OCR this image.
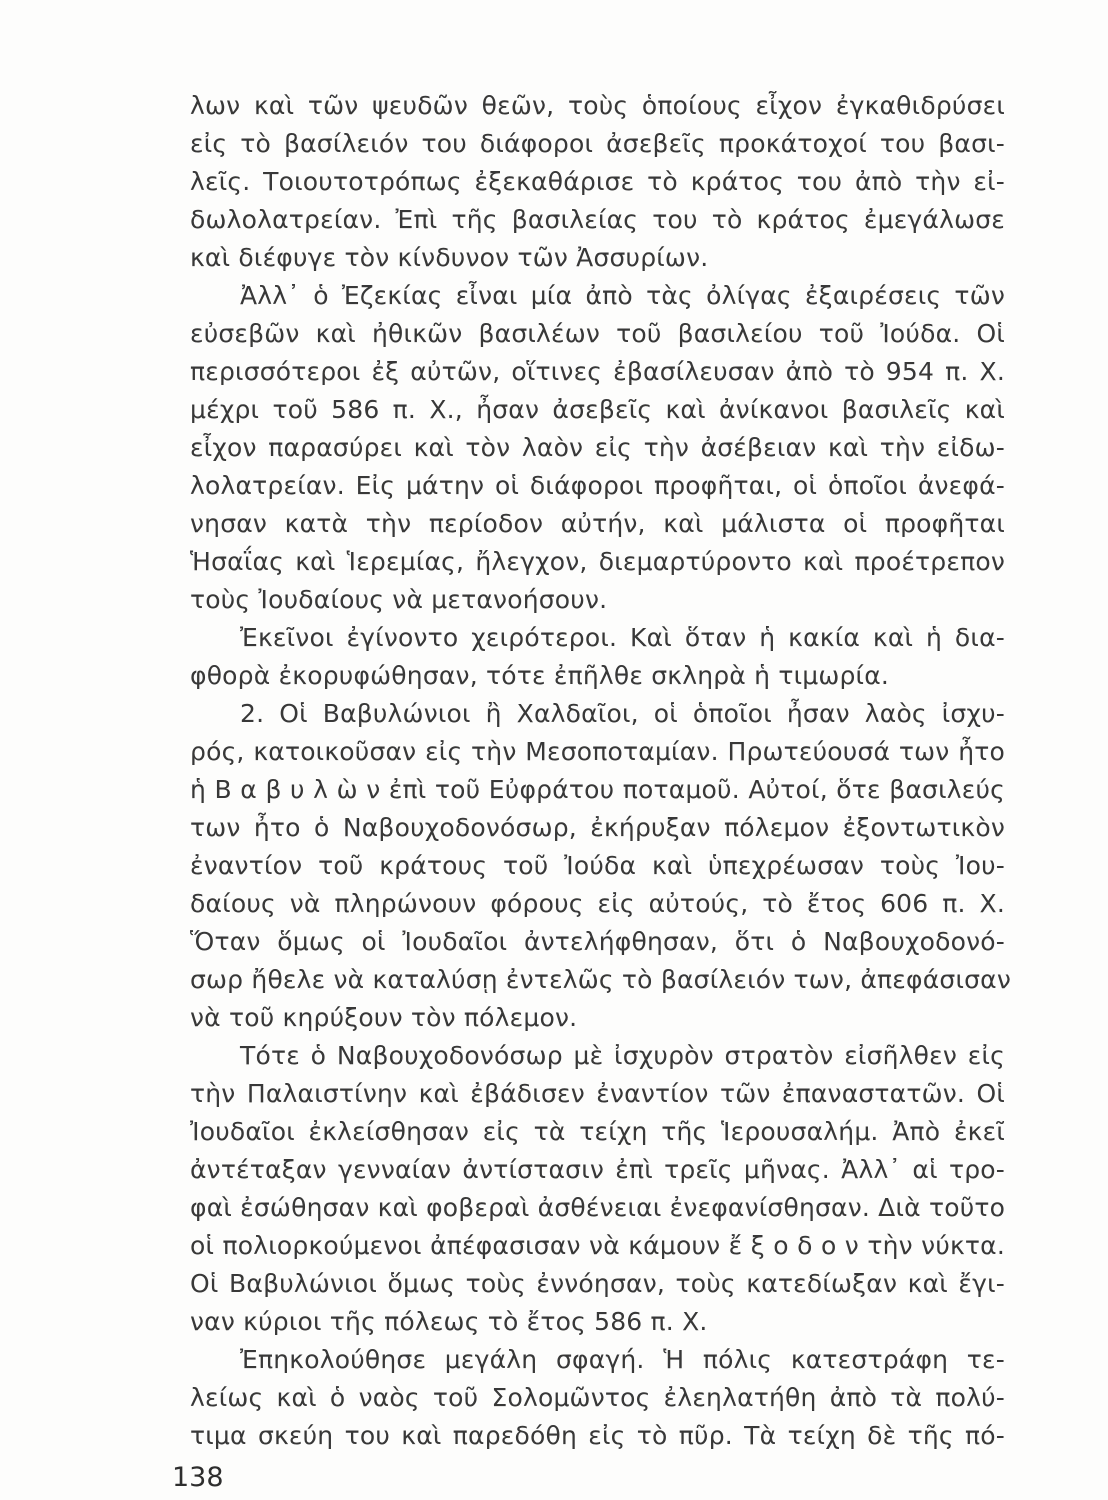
λων καὶ τῶν ψευδῶν θεῶν, τοὺς ὁποίους εἶχον ἐγκαθιδρύσει
εἰς τὸ βασίλειόν του διάφοροι ἀσεβεῖς προκάτοχοί του βασι-
λεῖς. Τοιουτοτρόπως ἐξεκαθάρισε τὸ κράτος του ἀπὸ τὴν εἰ-
δωλολατρείαν. Ἐπὶ τῆς βασιλείας του τὸ κράτος ἐμεγάλωσε
καὶ διέφυγε τὸν κίνδυνον τῶν Ἀσσυρίων.
Ἀλλ᾽ ὁ Ἐζεκίας εἶναι μία ἀπὸ τὰς ὀλίγας ἐξαιρέσεις τῶν
εὐσεβῶν καὶ ἠθικῶν βασιλέων τοῦ βασιλείου τοῦ Ἰούδα. Οἱ
περισσότεροι ἐξ αὐτῶν, οἵτινες ἐβασίλευσαν ἀπὸ τὸ 954 π. Χ.
μέχρι τοῦ 586 π. Χ., ἦσαν ἀσεβεῖς καὶ ἀνίκανοι βασιλεῖς καὶ
εἶχον παρασύρει καὶ τὸν λαὸν εἰς τὴν ἀσέβειαν καὶ τὴν εἰδω-
λολατρείαν. Εἰς μάτην οἱ διάφοροι προφῆται, οἱ ὁποῖοι ἀνεφά-
νησαν κατὰ τὴν περίοδον αὐτήν, καὶ μάλιστα οἱ προφῆται
Ἡσαΐας καὶ Ἱερεμίας, ἤλεγχον, διεμαρτύροντο καὶ προέτρεπον
τοὺς Ἰουδαίους νὰ μετανοήσουν.
Ἐκεῖνοι ἐγίνοντο χειρότεροι. Καὶ ὅταν ἡ κακία καὶ ἡ δια-
φθορὰ ἐκορυφώθησαν, τότε ἐπῆλθε σκληρὰ ἡ τιμωρία.
2. Οἱ Βαβυλώνιοι ἢ Χαλδαῖοι, οἱ ὁποῖοι ἦσαν λαὸς ἰσχυ-
ρός, κατοικοῦσαν εἰς τὴν Μεσοποταμίαν. Πρωτεύουσά των ἦτο
ἡ Β α β υ λ ὼ ν ἐπὶ τοῦ Εὐφράτου ποταμοῦ. Αὐτοί, ὅτε βασιλεύς
των ἦτο ὁ Ναβουχοδονόσωρ, ἐκήρυξαν πόλεμον ἐξοντωτικὸν
ἐναντίον τοῦ κράτους τοῦ Ἰούδα καὶ ὑπεχρέωσαν τοὺς Ἰου-
δαίους νὰ πληρώνουν φόρους εἰς αὐτούς, τὸ ἔτος 606 π. Χ.
Ὅταν ὅμως οἱ Ἰουδαῖοι ἀντελήφθησαν, ὅτι ὁ Ναβουχοδονό-
σωρ ἤθελε νὰ καταλύσῃ ἐντελῶς τὸ βασίλειόν των, ἀπεφάσισαν
νὰ τοῦ κηρύξουν τὸν πόλεμον.
Τότε ὁ Ναβουχοδονόσωρ μὲ ἰσχυρὸν στρατὸν εἰσῆλθεν εἰς
τὴν Παλαιστίνην καὶ ἐβάδισεν ἐναντίον τῶν ἐπαναστατῶν. Οἱ
Ἰουδαῖοι ἐκλείσθησαν εἰς τὰ τείχη τῆς Ἱερουσαλήμ. Ἀπὸ ἐκεῖ
ἀντέταξαν γενναίαν ἀντίστασιν ἐπὶ τρεῖς μῆνας. Ἀλλ᾽ αἱ τρο-
φαὶ ἐσώθησαν καὶ φοβεραὶ ἀσθένειαι ἐνεφανίσθησαν. Διὰ τοῦτο
οἱ πολιορκούμενοι ἀπέφασισαν νὰ κάμουν ἔ ξ ο δ ο ν τὴν νύκτα.
Οἱ Βαβυλώνιοι ὅμως τοὺς ἐννόησαν, τοὺς κατεδίωξαν καὶ ἔγι-
ναν κύριοι τῆς πόλεως τὸ ἔτος 586 π. Χ.
Ἐπηκολούθησε μεγάλη σφαγή. Ἡ πόλις κατεστράφη τε-
λείως καὶ ὁ ναὸς τοῦ Σολομῶντος ἐλεηλατήθη ἀπὸ τὰ πολύ-
τιμα σκεύη του καὶ παρεδόθη εἰς τὸ πῦρ. Τὰ τείχη δὲ τῆς πό-
138
